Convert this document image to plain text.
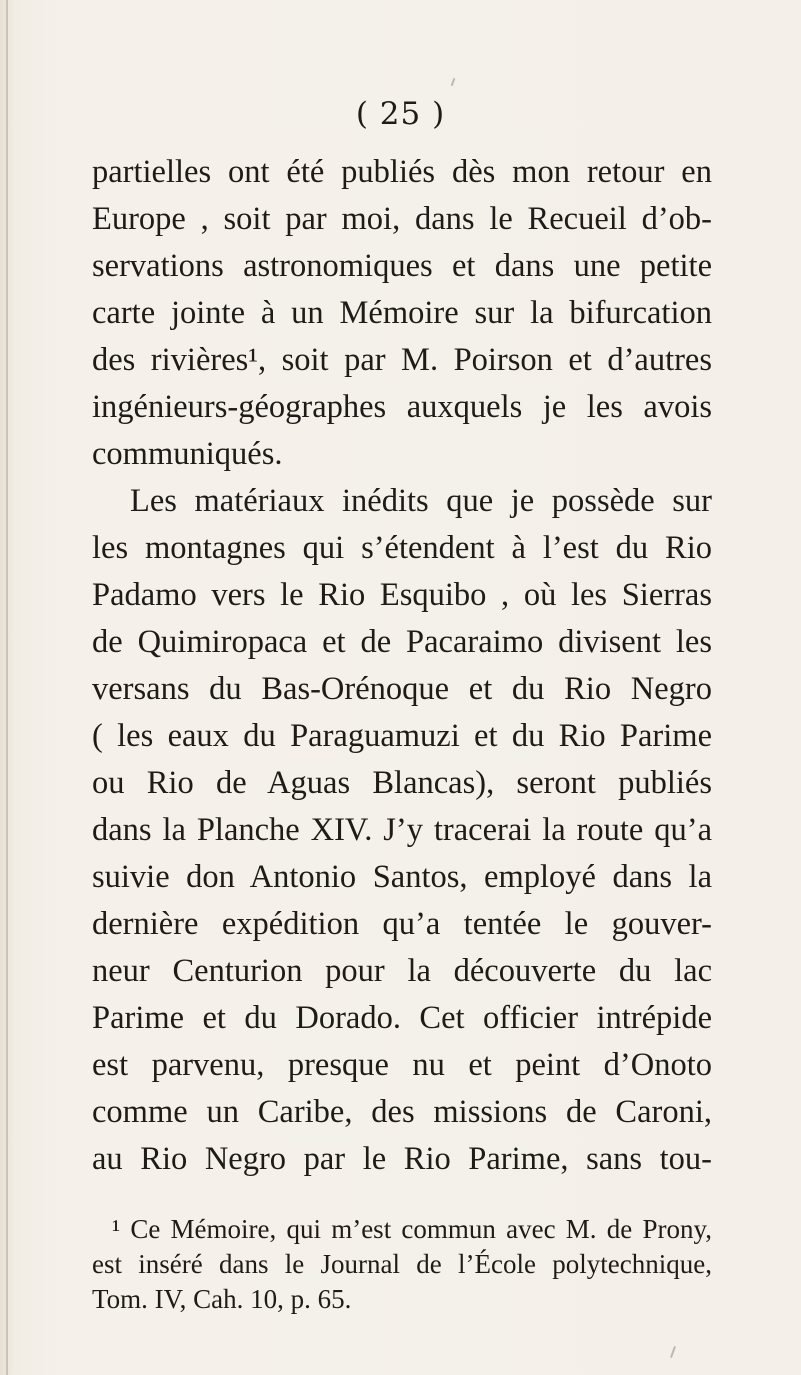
( 25 )

partielles ont été publiés dès mon retour en

Europe , soit par moi, dans le Recueil d’ob-

servations astronomiques et dans une petite

carte jointe à un Mémoire sur la bifurcation

des rivières¹, soit par M. Poirson et d’autres

ingénieurs-géographes auxquels je les avois

communiqués.

Les matériaux inédits que je possède sur

les montagnes qui s’étendent à l’est du Rio

Padamo vers le Rio Esquibo , où les Sierras

de Quimiropaca et de Pacaraimo divisent les

versans du Bas-Orénoque et du Rio Negro

( les eaux du Paraguamuzi et du Rio Parime

ou Rio de Aguas Blancas), seront publiés

dans la Planche XIV. J’y tracerai la route qu’a

suivie don Antonio Santos, employé dans la

dernière expédition qu’a tentée le gouver-

neur Centurion pour la découverte du lac

Parime et du Dorado. Cet officier intrépide

est parvenu, presque nu et peint d’Onoto

comme un Caribe, des missions de Caroni,

au Rio Negro par le Rio Parime, sans tou-

¹ Ce Mémoire, qui m’est commun avec M. de Prony,

est inséré dans le Journal de l’École polytechnique,

Tom. IV, Cah. 10, p. 65.
